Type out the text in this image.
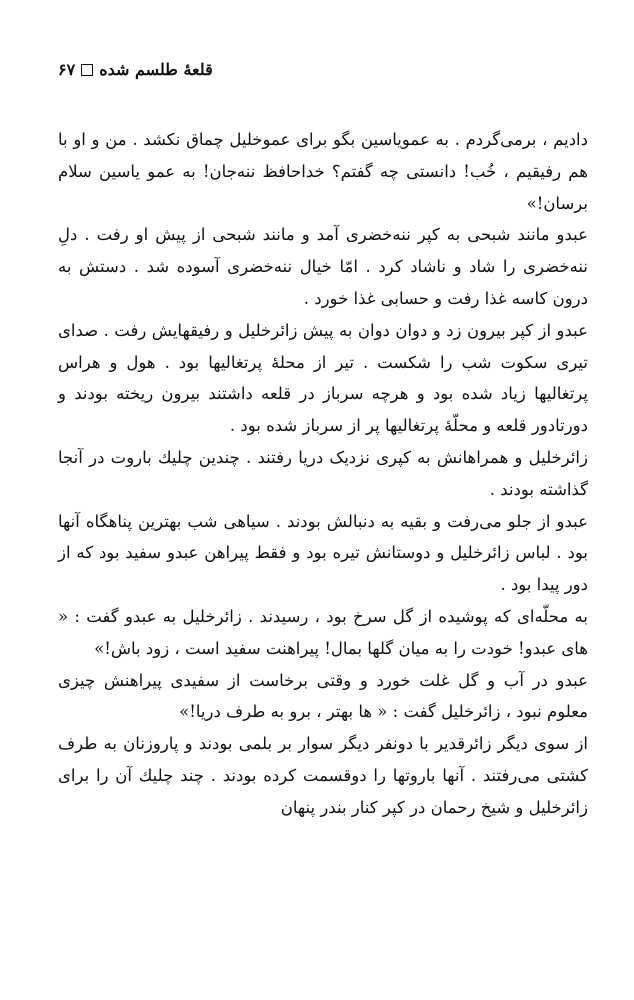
قلعهٔ طلسم شده
۶۷

دادیم ، برمی‌گردم . به عمویاسین بگو برای عموخلیل چماق نکشد . من و او با هم رفیقیم ، خُب! دانستی چه گفتم؟ خداحافظ ننه‌جان! به عمو یاسین سلام برسان!»

عبدو مانند شبحی به کپر ننه‌خضری آمد و مانند شبحی از پیش او رفت . دلِ ننه‌خضری را شاد و ناشاد کرد . امّا خیال ننه‌خضری آسوده شد . دستش به درون کاسه غذا رفت و حسابی غذا خورد .

عبدو از کپر بیرون زد و دوان دوان به پیش زائرخلیل و رفیقهایش رفت . صدای تیری سکوت شب را شکست . تیر از محلهٔ پرتغالیها بود . هول و هراس پرتغالیها زیاد شده بود و هرچه سرباز در قلعه داشتند بیرون ریخته بودند و دورتادور قلعه و محلّهٔ پرتغالیها پر از سرباز شده بود .

زائرخلیل و همراهانش به کپری نزدیک دریا رفتند . چندین چلیك باروت در آنجا گذاشته بودند .

عبدو از جلو می‌رفت و بقیه به دنبالش بودند . سیاهی شب بهترین پناهگاه آنها بود . لباس زائرخلیل و دوستانش تیره بود و فقط پیراهن عبدو سفید بود که از دور پیدا بود .

به محلّه‌ای که پوشیده از گل سرخ بود ، رسیدند . زائرخلیل به عبدو گفت : « های عبدو! خودت را به میان گلها بمال! پیراهنت سفید است ، زود باش!»

عبدو در آب و گل غلت خورد و وقتی برخاست از سفیدی پیراهنش چیزی معلوم نبود ، زائرخلیل گفت : « ها بهتر ، برو به طرف دریا!»

از سوی دیگر زائرقدیر با دونفر دیگر سوار بر بلمی بودند و پاروزنان به طرف کشتی می‌رفتند . آنها باروتها را دوقسمت کرده بودند . چند چلیك آن را برای زائرخلیل و شیخ رحمان در کپر کنار بندر پنهان
